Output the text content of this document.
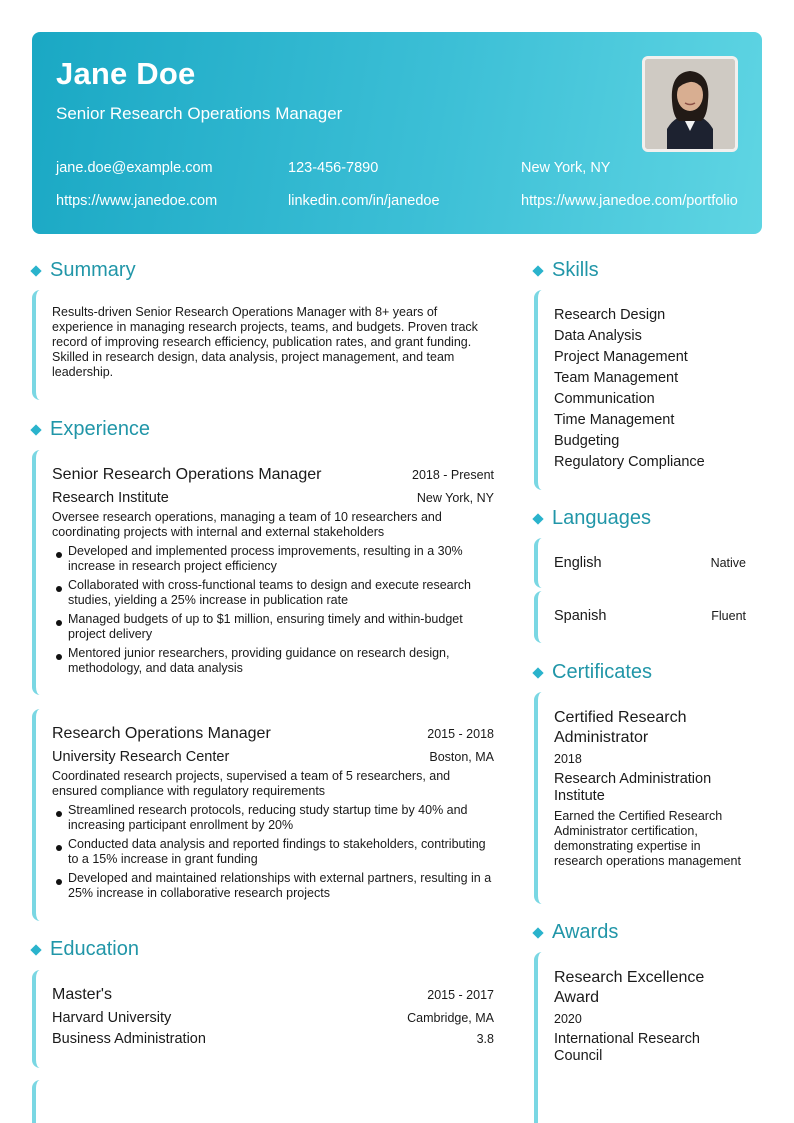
Jane Doe
Senior Research Operations Manager
jane.doe@example.com	123-456-7890	New York, NY
https://www.janedoe.com	linkedin.com/in/janedoe	https://www.janedoe.com/portfolio
Summary
Results-driven Senior Research Operations Manager with 8+ years of experience in managing research projects, teams, and budgets. Proven track record of improving research efficiency, publication rates, and grant funding. Skilled in research design, data analysis, project management, and team leadership.
Experience
Senior Research Operations Manager	2018 - Present
Research Institute	New York, NY
Oversee research operations, managing a team of 10 researchers and coordinating projects with internal and external stakeholders
Developed and implemented process improvements, resulting in a 30% increase in research project efficiency
Collaborated with cross-functional teams to design and execute research studies, yielding a 25% increase in publication rate
Managed budgets of up to $1 million, ensuring timely and within-budget project delivery
Mentored junior researchers, providing guidance on research design, methodology, and data analysis
Research Operations Manager	2015 - 2018
University Research Center	Boston, MA
Coordinated research projects, supervised a team of 5 researchers, and ensured compliance with regulatory requirements
Streamlined research protocols, reducing study startup time by 40% and increasing participant enrollment by 20%
Conducted data analysis and reported findings to stakeholders, contributing to a 15% increase in grant funding
Developed and maintained relationships with external partners, resulting in a 25% increase in collaborative research projects
Education
Master's	2015 - 2017
Harvard University	Cambridge, MA
Business Administration	3.8
Skills
Research Design
Data Analysis
Project Management
Team Management
Communication
Time Management
Budgeting
Regulatory Compliance
Languages
English	Native
Spanish	Fluent
Certificates
Certified Research
Administrator
2018
Research Administration
Institute
Earned the Certified Research Administrator certification, demonstrating expertise in research operations management
Awards
Research Excellence
Award
2020
International Research
Council
